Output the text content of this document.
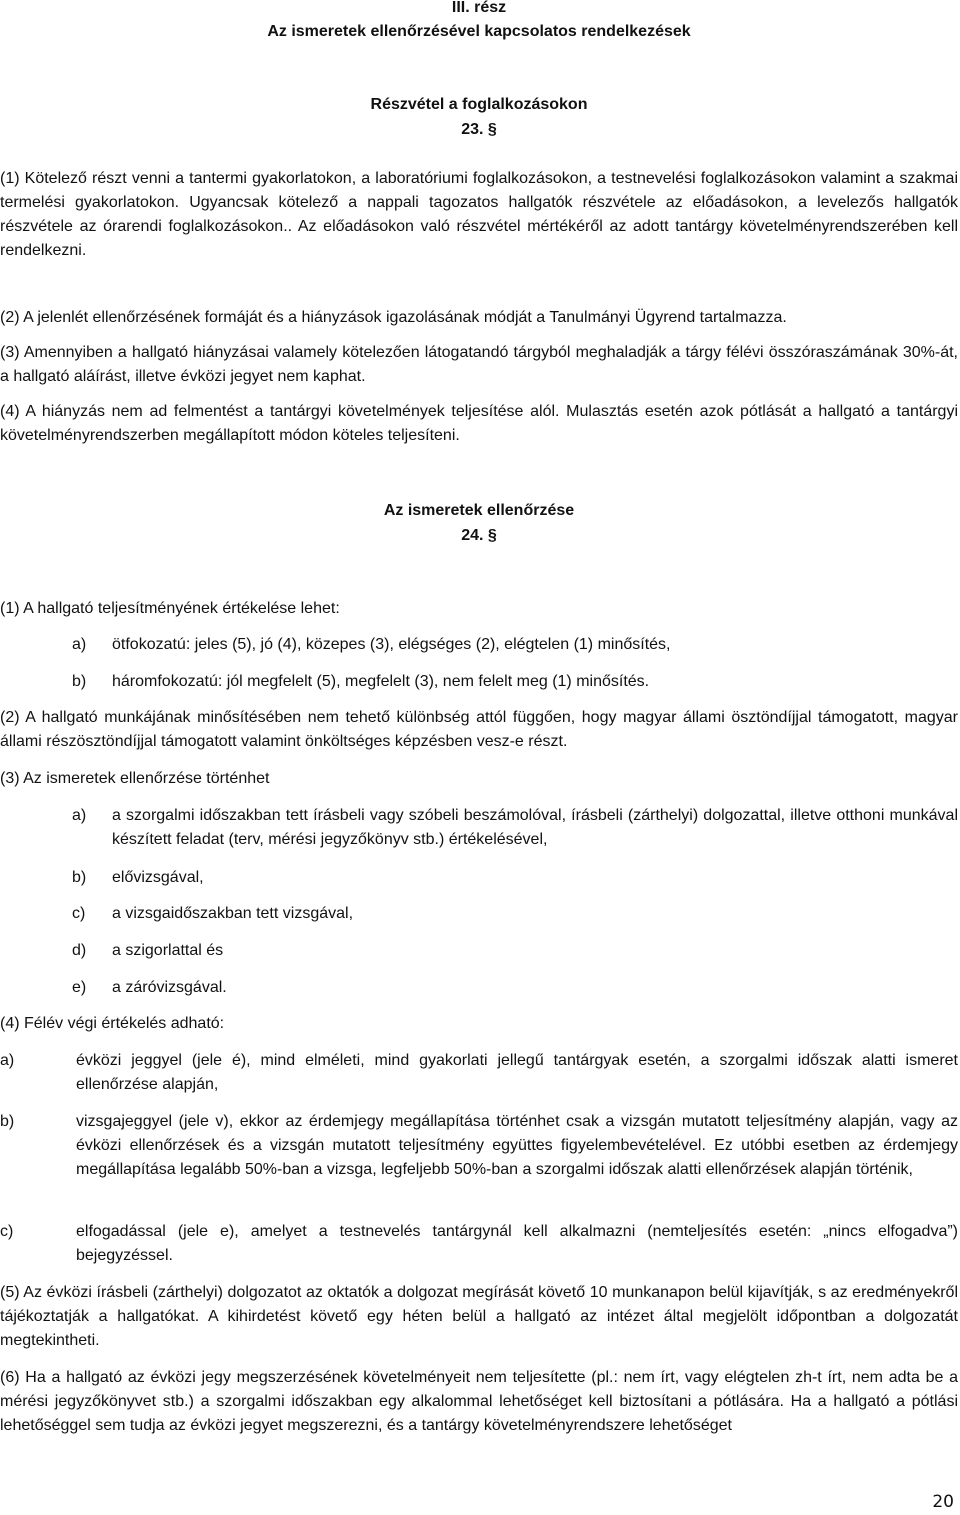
III. rész
Az ismeretek ellenőrzésével kapcsolatos rendelkezések
Részvétel a foglalkozásokon
23. §
(1) Kötelező részt venni a tantermi gyakorlatokon, a laboratóriumi foglalkozásokon, a testnevelési foglalkozásokon valamint a szakmai termelési gyakorlatokon. Ugyancsak kötelező a nappali tagozatos hallgatók részvétele az előadásokon, a levelezős hallgatók részvétele az órarendi foglalkozásokon.. Az előadásokon való részvétel mértékéről az adott tantárgy követelményrendszerében kell rendelkezni.
(2) A jelenlét ellenőrzésének formáját és a hiányzások igazolásának módját a Tanulmányi Ügyrend tartalmazza.
(3) Amennyiben a hallgató hiányzásai valamely kötelezően látogatandó tárgyból meghaladják a tárgy félévi összóraszámának 30%-át, a hallgató aláírást, illetve évközi jegyet nem kaphat.
(4) A hiányzás nem ad felmentést a tantárgyi követelmények teljesítése alól. Mulasztás esetén azok pótlását a hallgató a tantárgyi követelményrendszerben megállapított módon köteles teljesíteni.
Az ismeretek ellenőrzése
24. §
(1) A hallgató teljesítményének értékelése lehet:
a)	ötfokozatú: jeles (5), jó (4), közepes (3), elégséges (2), elégtelen (1) minősítés,
b)	háromfokozatú: jól megfelelt (5), megfelelt (3), nem felelt meg (1) minősítés.
(2) A hallgató munkájának minősítésében nem tehető különbség attól függően, hogy magyar állami ösztöndíjjal támogatott, magyar állami részösztöndíjjal támogatott valamint önköltséges képzésben vesz-e részt.
(3) Az ismeretek ellenőrzése történhet
a)	a szorgalmi időszakban tett írásbeli vagy szóbeli beszámolóval, írásbeli (zárthelyi) dolgozattal, illetve otthoni munkával készített feladat (terv, mérési jegyzőkönyv stb.) értékelésével,
b)	elővizsgával,
c)	a vizsgaidőszakban tett vizsgával,
d)	a szigorlattal és
e)	a záróvizsgával.
(4) Félév végi értékelés adható:
a)	évközi jeggyel (jele é), mind elméleti, mind gyakorlati jellegű tantárgyak esetén, a szorgalmi időszak alatti ismeret ellenőrzése alapján,
b)	vizsgajeggyel (jele v), ekkor az érdemjegy megállapítása történhet csak a vizsgán mutatott teljesítmény alapján, vagy az évközi ellenőrzések és a vizsgán mutatott teljesítmény együttes figyelembevételével. Ez utóbbi esetben az érdemjegy megállapítása legalább 50%-ban a vizsga, legfeljebb 50%-ban a szorgalmi időszak alatti ellenőrzések alapján történik,
c)	elfogadással (jele e), amelyet a testnevelés tantárgynál kell alkalmazni (nemteljesítés esetén: „nincs elfogadva”) bejegyzéssel.
(5) Az évközi írásbeli (zárthelyi) dolgozatot az oktatók a dolgozat megírását követő 10 munkanapon belül kijavítják, s az eredményekről tájékoztatják a hallgatókat. A kihirdetést követő egy héten belül a hallgató az intézet által megjelölt időpontban a dolgozatát megtekintheti.
(6) Ha a hallgató az évközi jegy megszerzésének követelményeit nem teljesítette (pl.: nem írt, vagy elégtelen zh-t írt, nem adta be a mérési jegyzőkönyvet stb.) a szorgalmi időszakban egy alkalommal lehetőséget kell biztosítani a pótlására. Ha a hallgató a pótlási lehetőséggel sem tudja az évközi jegyet megszerezni, és a tantárgy követelményrendszere lehetőséget
20
